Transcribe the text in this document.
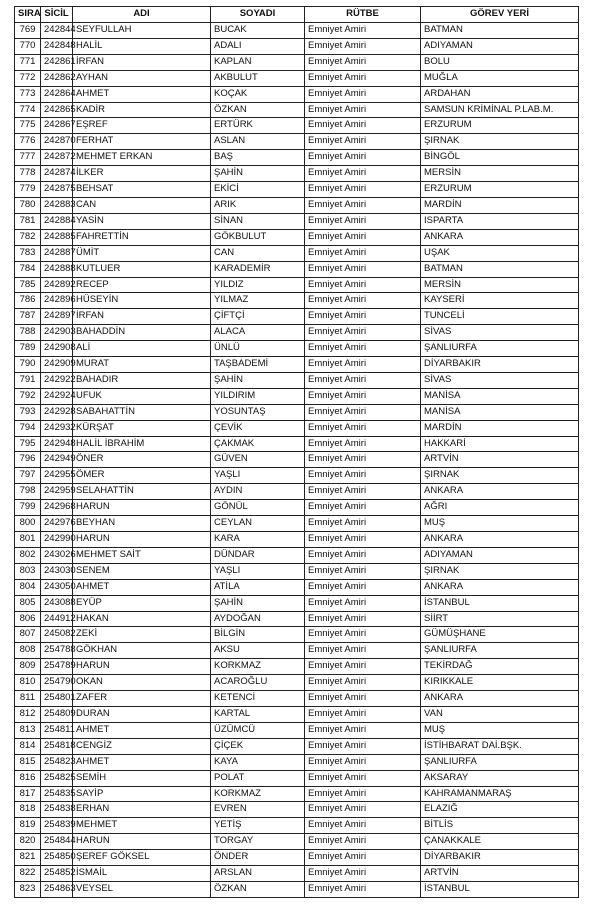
SIRA	SİCİL	ADI	SOYADI	RÜTBE	GÖREV YERİ
769	242844	SEYFULLAH	BUCAK	Emniyet Amiri	BATMAN
770	242848	HALİL	ADALI	Emniyet Amiri	ADIYAMAN
771	242861	İRFAN	KAPLAN	Emniyet Amiri	BOLU
772	242862	AYHAN	AKBULUT	Emniyet Amiri	MUĞLA
773	242864	AHMET	KOÇAK	Emniyet Amiri	ARDAHAN
774	242865	KADİR	ÖZKAN	Emniyet Amiri	SAMSUN KRİMİNAL P.LAB.M.
775	242867	EŞREF	ERTÜRK	Emniyet Amiri	ERZURUM
776	242870	FERHAT	ASLAN	Emniyet Amiri	ŞIRNAK
777	242872	MEHMET ERKAN	BAŞ	Emniyet Amiri	BİNGÖL
778	242874	İLKER	ŞAHİN	Emniyet Amiri	MERSİN
779	242875	BEHSAT	EKİCİ	Emniyet Amiri	ERZURUM
780	242883	CAN	ARIK	Emniyet Amiri	MARDİN
781	242884	YASİN	SİNAN	Emniyet Amiri	ISPARTA
782	242885	FAHRETTİN	GÖKBULUT	Emniyet Amiri	ANKARA
783	242887	ÜMİT	CAN	Emniyet Amiri	UŞAK
784	242888	KUTLUER	KARADEMİR	Emniyet Amiri	BATMAN
785	242892	RECEP	YILDIZ	Emniyet Amiri	MERSİN
786	242896	HÜSEYİN	YILMAZ	Emniyet Amiri	KAYSERİ
787	242897	İRFAN	ÇİFTÇİ	Emniyet Amiri	TUNCELİ
788	242903	BAHADDİN	ALACA	Emniyet Amiri	SİVAS
789	242908	ALİ	ÜNLÜ	Emniyet Amiri	ŞANLIURFA
790	242909	MURAT	TAŞBADEMİ	Emniyet Amiri	DİYARBAKIR
791	242922	BAHADIR	ŞAHİN	Emniyet Amiri	SİVAS
792	242924	UFUK	YILDIRIM	Emniyet Amiri	MANİSA
793	242928	SABAHATTİN	YOSUNTAŞ	Emniyet Amiri	MANİSA
794	242932	KÜRŞAT	ÇEVİK	Emniyet Amiri	MARDİN
795	242948	HALİL İBRAHİM	ÇAKMAK	Emniyet Amiri	HAKKARİ
796	242949	ÖNER	GÜVEN	Emniyet Amiri	ARTVİN
797	242955	ÖMER	YAŞLI	Emniyet Amiri	ŞIRNAK
798	242959	SELAHATTİN	AYDIN	Emniyet Amiri	ANKARA
799	242968	HARUN	GÖNÜL	Emniyet Amiri	AĞRI
800	242976	BEYHAN	CEYLAN	Emniyet Amiri	MUŞ
801	242990	HARUN	KARA	Emniyet Amiri	ANKARA
802	243026	MEHMET SAİT	DÜNDAR	Emniyet Amiri	ADIYAMAN
803	243030	SENEM	YAŞLI	Emniyet Amiri	ŞIRNAK
804	243050	AHMET	ATİLA	Emniyet Amiri	ANKARA
805	243088	EYÜP	ŞAHİN	Emniyet Amiri	İSTANBUL
806	244912	HAKAN	AYDOĞAN	Emniyet Amiri	SİİRT
807	245082	ZEKİ	BİLGİN	Emniyet Amiri	GÜMÜŞHANE
808	254788	GÖKHAN	AKSU	Emniyet Amiri	ŞANLIURFA
809	254789	HARUN	KORKMAZ	Emniyet Amiri	TEKİRDAĞ
810	254790	OKAN	ACAROĞLU	Emniyet Amiri	KIRIKKALE
811	254801	ZAFER	KETENCİ	Emniyet Amiri	ANKARA
812	254809	DURAN	KARTAL	Emniyet Amiri	VAN
813	254811	AHMET	ÜZÜMCÜ	Emniyet Amiri	MUŞ
814	254818	CENGİZ	ÇİÇEK	Emniyet Amiri	İSTİHBARAT DAİ.BŞK.
815	254823	AHMET	KAYA	Emniyet Amiri	ŞANLIURFA
816	254825	SEMİH	POLAT	Emniyet Amiri	AKSARAY
817	254835	SAYİP	KORKMAZ	Emniyet Amiri	KAHRAMANMARAŞ
818	254838	ERHAN	EVREN	Emniyet Amiri	ELAZIĞ
819	254839	MEHMET	YETİŞ	Emniyet Amiri	BİTLİS
820	254844	HARUN	TORGAY	Emniyet Amiri	ÇANAKKALE
821	254850	ŞEREF GÖKSEL	ÖNDER	Emniyet Amiri	DİYARBAKIR
822	254852	İSMAİL	ARSLAN	Emniyet Amiri	ARTVİN
823	254863	VEYSEL	ÖZKAN	Emniyet Amiri	İSTANBUL
